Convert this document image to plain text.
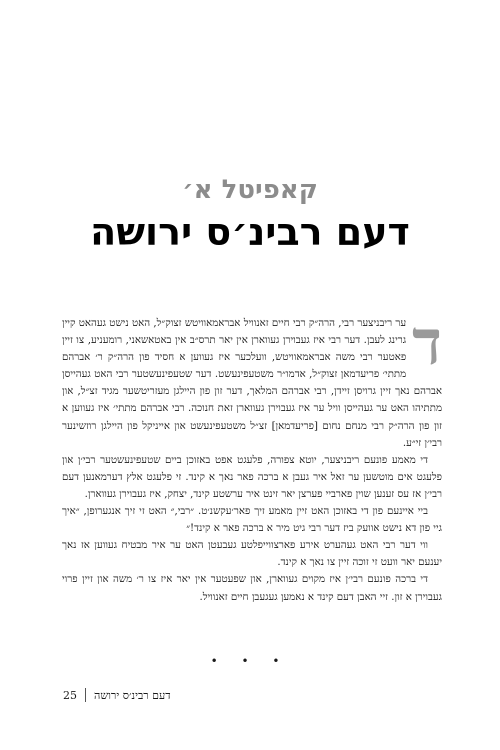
קאפיטל א׳
דעם רבינ׳ס ירושה
ד

ער ריבניצער רבי, הרה״ק רבי חיים זאנוויל אבראמאוויטש זצוק״ל, האט נישט געהאט קיין גרינג לעבן. דער רבי איז געבוירן געווארן אין יאר תרס״ב אין באטאשאני, רומעניע, צו זיין פאטער רבי משה אבראמאוויטש, וועלכער איז געווען א חסיד פון הרה״ק ר׳ אברהם מתתי׳ פריעדמאן זצוק״ל, אדמו״ר משטעפינעשט. דער שטעפינעשטער רבי האט געהייסן אברהם נאך זיין גרויסן זיידן, רבי אברהם המלאך, דער זון פון היילגן מעזריטשער מגיד זצ״ל, און מתתיהו האט ער געהייסן וויל ער איז געבוירן געווארן זאת חנוכה. רבי אברהם מתתי׳ איז געווען א זון פון הרה״ק רבי מנחם נחום [פריעדמאן] זצ״ל משטעפינעשט און אייניקל פון היילגן רוזשינער רבי׳ן זי״ע.

די מאמע פונעם ריבניצער, יוטא צפורה, פלעגט אפט באזוכן ביים שטעפינעשטער רבי׳ן און פלעגט אים מוטשען ער זאל איר געבן א ברכה פאר נאך א קינד. זי פלעגט אלץ דערמאנען דעם רבי׳ן אז עס זענען שוין פארביי פערצן יאר זינט איר ערשטע קינד, יצחק, איז געבוירן געווארן.

ביי איינעם פון די באזוכן האט זיין מאמע זיך פאר׳עקשנ׳ט. ״רבי,״ האט זי זיך אנגערופן, ״איך גיי פון דא נישט אוועק ביז דער רבי גיט מיר א ברכה פאר א קינד!״

ווי דער רבי האט געהערט אירע פארצווייפלטע געבעטן האט ער איר מבטיח געווען אז נאך יענעם יאר וועט זי זוכה זיין צו נאך א קינד.

די ברכה פונעם רבי׳ן איז מקוים געווארן, און שפעטער אין יאר איז צו ר׳ משה און זיין פרוי געבוירן א זון. זיי האבן דעם קינד א נאמען געגעבן חיים זאנוויל.

• • •
25 דעם רבינ׳ס ירושה
